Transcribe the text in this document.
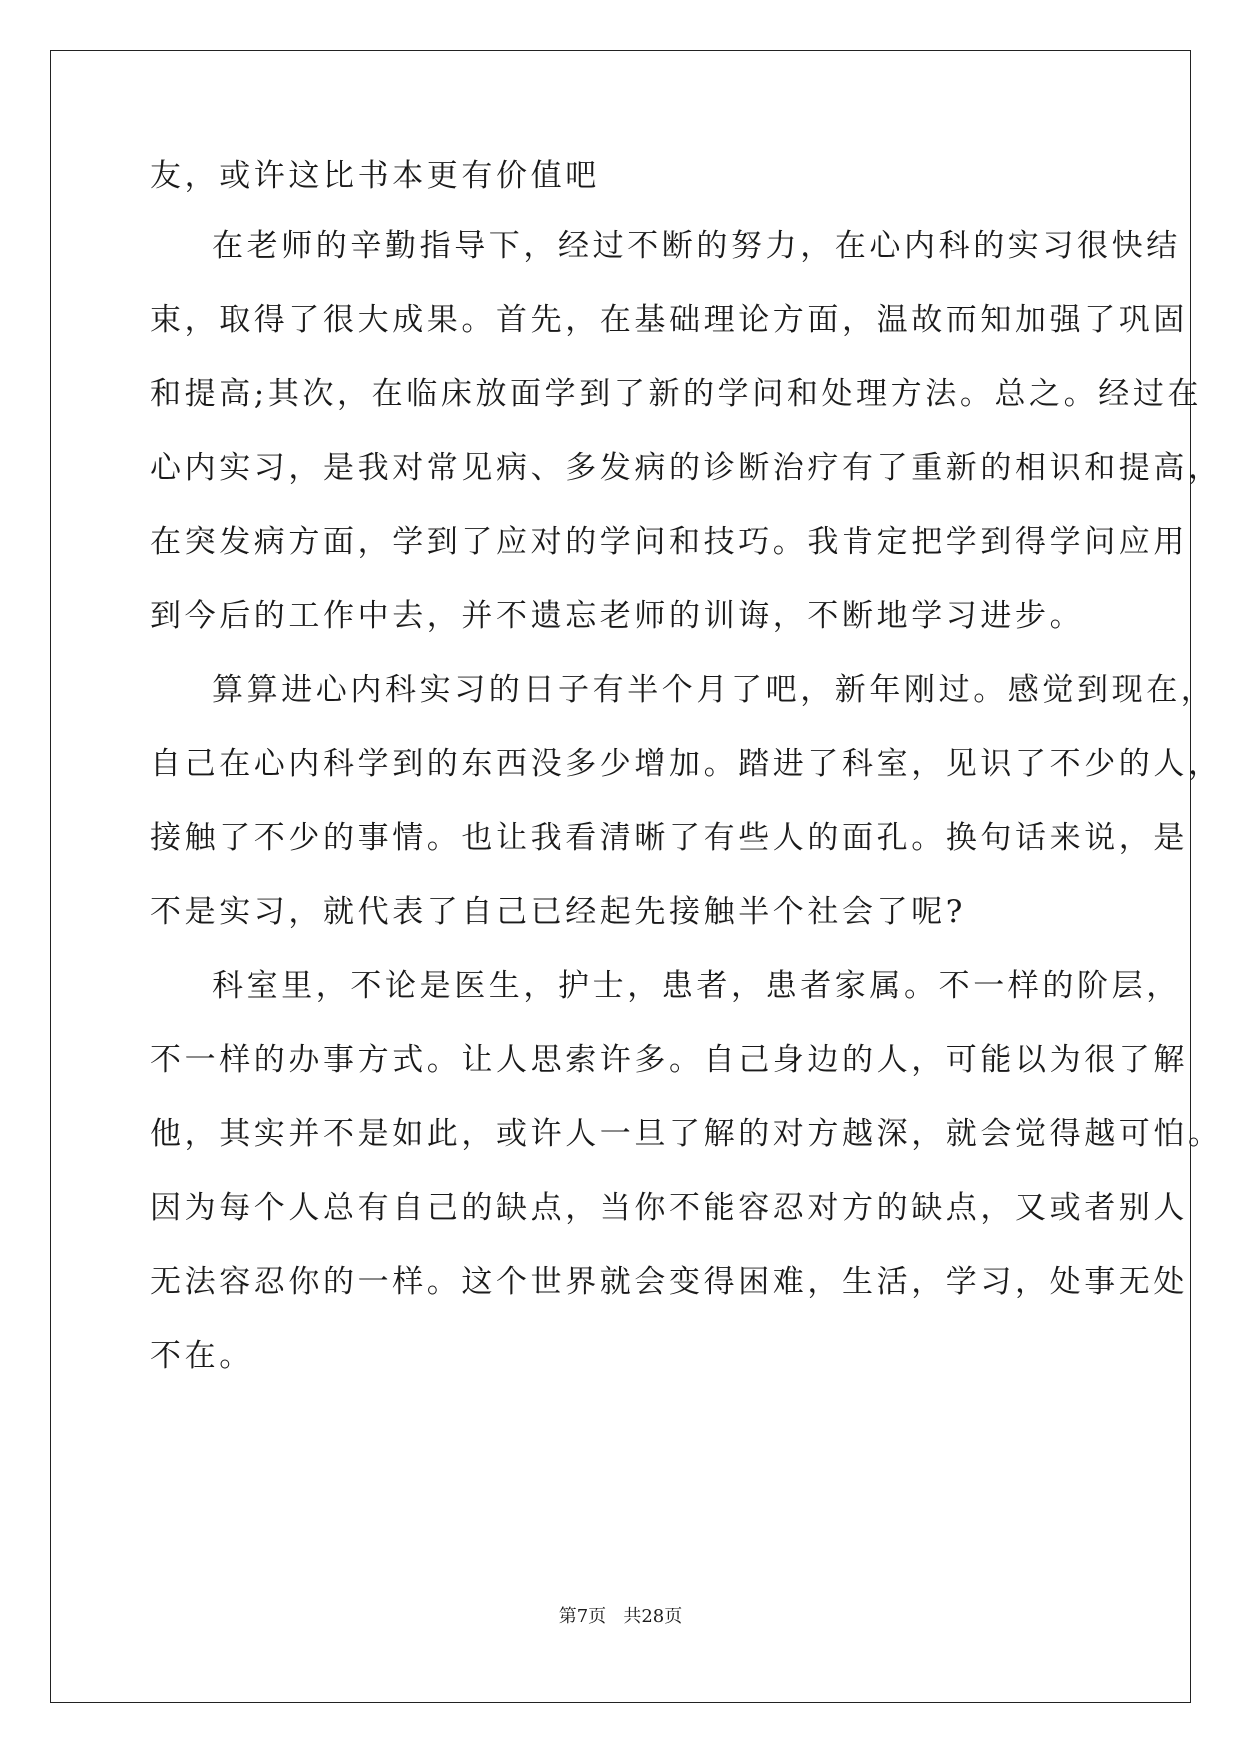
友，或许这比书本更有价值吧
在老师的辛勤指导下，经过不断的努力，在心内科的实习很快结
束，取得了很大成果。首先，在基础理论方面，温故而知加强了巩固
和提高;其次，在临床放面学到了新的学问和处理方法。总之。经过在
心内实习，是我对常见病、多发病的诊断治疗有了重新的相识和提高，
在突发病方面，学到了应对的学问和技巧。我肯定把学到得学问应用
到今后的工作中去，并不遗忘老师的训诲，不断地学习进步。
算算进心内科实习的日子有半个月了吧，新年刚过。感觉到现在，
自己在心内科学到的东西没多少增加。踏进了科室，见识了不少的人，
接触了不少的事情。也让我看清晰了有些人的面孔。换句话来说，是
不是实习，就代表了自己已经起先接触半个社会了呢?
科室里，不论是医生，护士，患者，患者家属。不一样的阶层，
不一样的办事方式。让人思索许多。自己身边的人，可能以为很了解
他，其实并不是如此，或许人一旦了解的对方越深，就会觉得越可怕。
因为每个人总有自己的缺点，当你不能容忍对方的缺点，又或者别人
无法容忍你的一样。这个世界就会变得困难，生活，学习，处事无处
不在。
第7页 共28页
